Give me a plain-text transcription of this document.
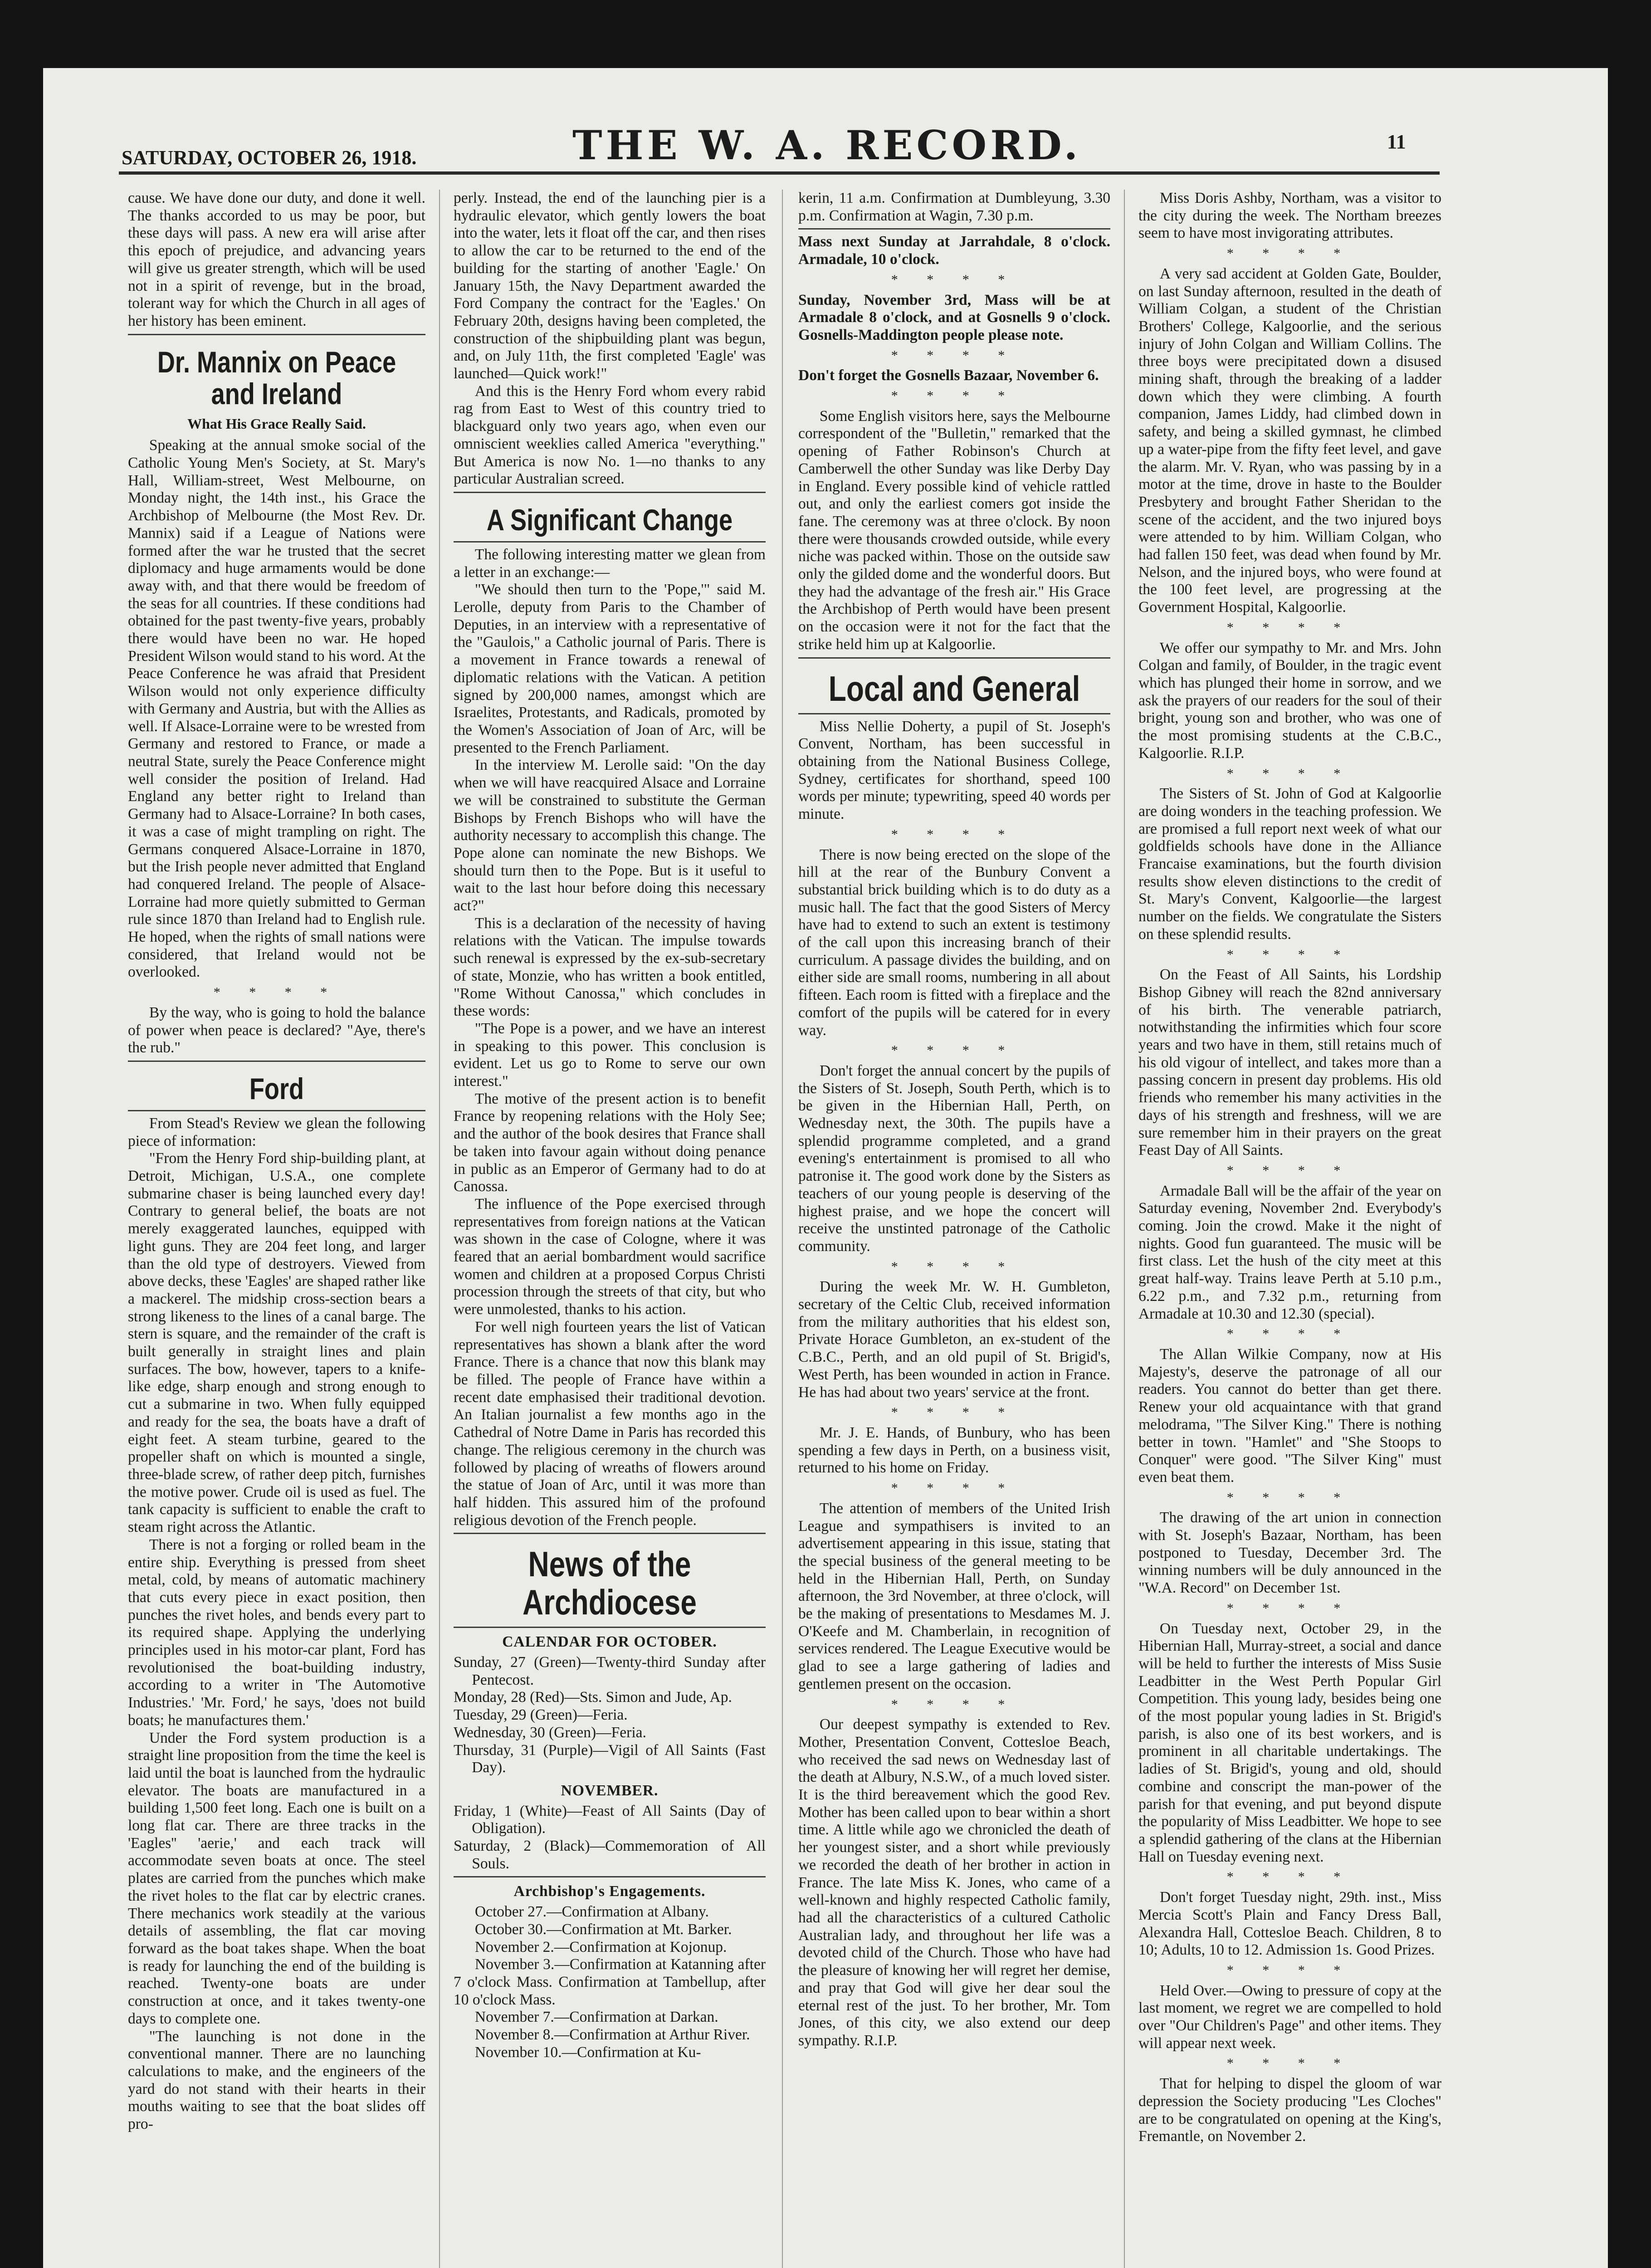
SATURDAY, OCTOBER 26, 1918.	THE W. A. RECORD.	11

cause. We have done our duty, and done it well. The thanks accorded to us may be poor, but these days will pass. A new era will arise after this epoch of prejudice, and advancing years will give us greater strength, which will be used not in a spirit of revenge, but in the broad, tolerant way for which the Church in all ages of her history has been eminent.

Dr. Mannix on Peace and Ireland
What His Grace Really Said.

Speaking at the annual smoke social of the Catholic Young Men's Society, at St. Mary's Hall, William-street, West Melbourne, on Monday night, the 14th inst., his Grace the Archbishop of Melbourne (the Most Rev. Dr. Mannix) said if a League of Nations were formed after the war he trusted that the secret diplomacy and huge armaments would be done away with, and that there would be freedom of the seas for all countries. If these conditions had obtained for the past twenty-five years, probably there would have been no war. He hoped President Wilson would stand to his word. At the Peace Conference he was afraid that President Wilson would not only experience difficulty with Germany and Austria, but with the Allies as well. If Alsace-Lorraine were to be wrested from Germany and restored to France, or made a neutral State, surely the Peace Conference might well consider the position of Ireland. Had England any better right to Ireland than Germany had to Alsace-Lorraine? In both cases, it was a case of might trampling on right. The Germans conquered Alsace-Lorraine in 1870, but the Irish people never admitted that England had conquered Ireland. The people of Alsace-Lorraine had more quietly submitted to German rule since 1870 than Ireland had to English rule. He hoped, when the rights of small nations were considered, that Ireland would not be overlooked.

* * * *

By the way, who is going to hold the balance of power when peace is declared? "Aye, there's the rub."

Ford

From Stead's Review we glean the following piece of information:

"From the Henry Ford ship-building plant, at Detroit, Michigan, U.S.A., one complete submarine chaser is being launched every day! Contrary to general belief, the boats are not merely exaggerated launches, equipped with light guns. They are 204 feet long, and larger than the old type of destroyers. Viewed from above decks, these 'Eagles' are shaped rather like a mackerel. The midship cross-section bears a strong likeness to the lines of a canal barge. The stern is square, and the remainder of the craft is built generally in straight lines and plain surfaces. The bow, however, tapers to a knife-like edge, sharp enough and strong enough to cut a submarine in two. When fully equipped and ready for the sea, the boats have a draft of eight feet. A steam turbine, geared to the propeller shaft on which is mounted a single, three-blade screw, of rather deep pitch, furnishes the motive power. Crude oil is used as fuel. The tank capacity is sufficient to enable the craft to steam right across the Atlantic.

There is not a forging or rolled beam in the entire ship. Everything is pressed from sheet metal, cold, by means of automatic machinery that cuts every piece in exact position, then punches the rivet holes, and bends every part to its required shape. Applying the underlying principles used in his motor-car plant, Ford has revolutionised the boat-building industry, according to a writer in 'The Automotive Industries.' 'Mr. Ford,' he says, 'does not build boats; he manufactures them.'

Under the Ford system production is a straight line proposition from the time the keel is laid until the boat is launched from the hydraulic elevator. The boats are manufactured in a building 1,500 feet long. Each one is built on a long flat car. There are three tracks in the 'Eagles'' 'aerie,' and each track will accommodate seven boats at once. The steel plates are carried from the punches which make the rivet holes to the flat car by electric cranes. There mechanics work steadily at the various details of assembling, the flat car moving forward as the boat takes shape. When the boat is ready for launching the end of the building is reached. Twenty-one boats are under construction at once, and it takes twenty-one days to complete one.

"The launching is not done in the conventional manner. There are no launching calculations to make, and the engineers of the yard do not stand with their hearts in their mouths waiting to see that the boat slides off pro-

perly. Instead, the end of the launching pier is a hydraulic elevator, which gently lowers the boat into the water, lets it float off the car, and then rises to allow the car to be returned to the end of the building for the starting of another 'Eagle.' On January 15th, the Navy Department awarded the Ford Company the contract for the 'Eagles.' On February 20th, designs having been completed, the construction of the shipbuilding plant was begun, and, on July 11th, the first completed 'Eagle' was launched—Quick work!"

And this is the Henry Ford whom every rabid rag from East to West of this country tried to blackguard only two years ago, when even our omniscient weeklies called America "everything." But America is now No. 1—no thanks to any particular Australian screed.

A Significant Change

The following interesting matter we glean from a letter in an exchange:—

"We should then turn to the 'Pope,'" said M. Lerolle, deputy from Paris to the Chamber of Deputies, in an interview with a representative of the "Gaulois," a Catholic journal of Paris. There is a movement in France towards a renewal of diplomatic relations with the Vatican. A petition signed by 200,000 names, amongst which are Israelites, Protestants, and Radicals, promoted by the Women's Association of Joan of Arc, will be presented to the French Parliament.

In the interview M. Lerolle said: "On the day when we will have reacquired Alsace and Lorraine we will be constrained to substitute the German Bishops by French Bishops who will have the authority necessary to accomplish this change. The Pope alone can nominate the new Bishops. We should turn then to the Pope. But is it useful to wait to the last hour before doing this necessary act?"

This is a declaration of the necessity of having relations with the Vatican. The impulse towards such renewal is expressed by the ex-sub-secretary of state, Monzie, who has written a book entitled, "Rome Without Canossa," which concludes in these words:

"The Pope is a power, and we have an interest in speaking to this power. This conclusion is evident. Let us go to Rome to serve our own interest."

The motive of the present action is to benefit France by reopening relations with the Holy See; and the author of the book desires that France shall be taken into favour again without doing penance in public as an Emperor of Germany had to do at Canossa.

The influence of the Pope exercised through representatives from foreign nations at the Vatican was shown in the case of Cologne, where it was feared that an aerial bombardment would sacrifice women and children at a proposed Corpus Christi procession through the streets of that city, but who were unmolested, thanks to his action.

For well nigh fourteen years the list of Vatican representatives has shown a blank after the word France. There is a chance that now this blank may be filled. The people of France have within a recent date emphasised their traditional devotion. An Italian journalist a few months ago in the Cathedral of Notre Dame in Paris has recorded this change. The religious ceremony in the church was followed by placing of wreaths of flowers around the statue of Joan of Arc, until it was more than half hidden. This assured him of the profound religious devotion of the French people.

News of the Archdiocese
CALENDAR FOR OCTOBER.

Sunday, 27 (Green)—Twenty-third Sunday after Pentecost.

Monday, 28 (Red)—Sts. Simon and Jude, Ap.

Tuesday, 29 (Green)—Feria.

Wednesday, 30 (Green)—Feria.

Thursday, 31 (Purple)—Vigil of All Saints (Fast Day).

NOVEMBER.

Friday, 1 (White)—Feast of All Saints (Day of Obligation).

Saturday, 2 (Black)—Commemoration of All Souls.

Archbishop's Engagements.

October 27.—Confirmation at Albany.

October 30.—Confirmation at Mt. Barker.

November 2.—Confirmation at Kojonup.

November 3.—Confirmation at Katanning after 7 o'clock Mass. Confirmation at Tambellup, after 10 o'clock Mass.

November 7.—Confirmation at Darkan.

November 8.—Confirmation at Arthur River.

November 10.—Confirmation at Ku-

kerin, 11 a.m. Confirmation at Dumbleyung, 3.30 p.m. Confirmation at Wagin, 7.30 p.m.

Mass next Sunday at Jarrahdale, 8 o'clock. Armadale, 10 o'clock.

* * * *

Sunday, November 3rd, Mass will be at Armadale 8 o'clock, and at Gosnells 9 o'clock. Gosnells-Maddington people please note.

* * * *

Don't forget the Gosnells Bazaar, November 6.

* * * *

Some English visitors here, says the Melbourne correspondent of the "Bulletin," remarked that the opening of Father Robinson's Church at Camberwell the other Sunday was like Derby Day in England. Every possible kind of vehicle rattled out, and only the earliest comers got inside the fane. The ceremony was at three o'clock. By noon there were thousands crowded outside, while every niche was packed within. Those on the outside saw only the gilded dome and the wonderful doors. But they had the advantage of the fresh air." His Grace the Archbishop of Perth would have been present on the occasion were it not for the fact that the strike held him up at Kalgoorlie.

Local and General

Miss Nellie Doherty, a pupil of St. Joseph's Convent, Northam, has been successful in obtaining from the National Business College, Sydney, certificates for shorthand, speed 100 words per minute; typewriting, speed 40 words per minute.

* * * *

There is now being erected on the slope of the hill at the rear of the Bunbury Convent a substantial brick building which is to do duty as a music hall. The fact that the good Sisters of Mercy have had to extend to such an extent is testimony of the call upon this increasing branch of their curriculum. A passage divides the building, and on either side are small rooms, numbering in all about fifteen. Each room is fitted with a fireplace and the comfort of the pupils will be catered for in every way.

* * * *

Don't forget the annual concert by the pupils of the Sisters of St. Joseph, South Perth, which is to be given in the Hibernian Hall, Perth, on Wednesday next, the 30th. The pupils have a splendid programme completed, and a grand evening's entertainment is promised to all who patronise it. The good work done by the Sisters as teachers of our young people is deserving of the highest praise, and we hope the concert will receive the unstinted patronage of the Catholic community.

* * * *

During the week Mr. W. H. Gumbleton, secretary of the Celtic Club, received information from the military authorities that his eldest son, Private Horace Gumbleton, an ex-student of the C.B.C., Perth, and an old pupil of St. Brigid's, West Perth, has been wounded in action in France. He has had about two years' service at the front.

* * * *

Mr. J. E. Hands, of Bunbury, who has been spending a few days in Perth, on a business visit, returned to his home on Friday.

* * * *

The attention of members of the United Irish League and sympathisers is invited to an advertisement appearing in this issue, stating that the special business of the general meeting to be held in the Hibernian Hall, Perth, on Sunday afternoon, the 3rd November, at three o'clock, will be the making of presentations to Mesdames M. J. O'Keefe and M. Chamberlain, in recognition of services rendered. The League Executive would be glad to see a large gathering of ladies and gentlemen present on the occasion.

* * * *

Our deepest sympathy is extended to Rev. Mother, Presentation Convent, Cottesloe Beach, who received the sad news on Wednesday last of the death at Albury, N.S.W., of a much loved sister. It is the third bereavement which the good Rev. Mother has been called upon to bear within a short time. A little while ago we chronicled the death of her youngest sister, and a short while previously we recorded the death of her brother in action in France. The late Miss K. Jones, who came of a well-known and highly respected Catholic family, had all the characteristics of a cultured Catholic Australian lady, and throughout her life was a devoted child of the Church. Those who have had the pleasure of knowing her will regret her demise, and pray that God will give her dear soul the eternal rest of the just. To her brother, Mr. Tom Jones, of this city, we also extend our deep sympathy. R.I.P.

Miss Doris Ashby, Northam, was a visitor to the city during the week. The Northam breezes seem to have most invigorating attributes.

* * * *

A very sad accident at Golden Gate, Boulder, on last Sunday afternoon, resulted in the death of William Colgan, a student of the Christian Brothers' College, Kalgoorlie, and the serious injury of John Colgan and William Collins. The three boys were precipitated down a disused mining shaft, through the breaking of a ladder down which they were climbing. A fourth companion, James Liddy, had climbed down in safety, and being a skilled gymnast, he climbed up a water-pipe from the fifty feet level, and gave the alarm. Mr. V. Ryan, who was passing by in a motor at the time, drove in haste to the Boulder Presbytery and brought Father Sheridan to the scene of the accident, and the two injured boys were attended to by him. William Colgan, who had fallen 150 feet, was dead when found by Mr. Nelson, and the injured boys, who were found at the 100 feet level, are progressing at the Government Hospital, Kalgoorlie.

* * * *

We offer our sympathy to Mr. and Mrs. John Colgan and family, of Boulder, in the tragic event which has plunged their home in sorrow, and we ask the prayers of our readers for the soul of their bright, young son and brother, who was one of the most promising students at the C.B.C., Kalgoorlie. R.I.P.

* * * *

The Sisters of St. John of God at Kalgoorlie are doing wonders in the teaching profession. We are promised a full report next week of what our goldfields schools have done in the Alliance Francaise examinations, but the fourth division results show eleven distinctions to the credit of St. Mary's Convent, Kalgoorlie—the largest number on the fields. We congratulate the Sisters on these splendid results.

* * * *

On the Feast of All Saints, his Lordship Bishop Gibney will reach the 82nd anniversary of his birth. The venerable patriarch, notwithstanding the infirmities which four score years and two have in them, still retains much of his old vigour of intellect, and takes more than a passing concern in present day problems. His old friends who remember his many activities in the days of his strength and freshness, will we are sure remember him in their prayers on the great Feast Day of All Saints.

* * * *

Armadale Ball will be the affair of the year on Saturday evening, November 2nd. Everybody's coming. Join the crowd. Make it the night of nights. Good fun guaranteed. The music will be first class. Let the hush of the city meet at this great half-way. Trains leave Perth at 5.10 p.m., 6.22 p.m., and 7.32 p.m., returning from Armadale at 10.30 and 12.30 (special).

* * * *

The Allan Wilkie Company, now at His Majesty's, deserve the patronage of all our readers. You cannot do better than get there. Renew your old acquaintance with that grand melodrama, "The Silver King." There is nothing better in town. "Hamlet" and "She Stoops to Conquer" were good. "The Silver King" must even beat them.

* * * *

The drawing of the art union in connection with St. Joseph's Bazaar, Northam, has been postponed to Tuesday, December 3rd. The winning numbers will be duly announced in the "W.A. Record" on December 1st.

* * * *

On Tuesday next, October 29, in the Hibernian Hall, Murray-street, a social and dance will be held to further the interests of Miss Susie Leadbitter in the West Perth Popular Girl Competition. This young lady, besides being one of the most popular young ladies in St. Brigid's parish, is also one of its best workers, and is prominent in all charitable undertakings. The ladies of St. Brigid's, young and old, should combine and conscript the man-power of the parish for that evening, and put beyond dispute the popularity of Miss Leadbitter. We hope to see a splendid gathering of the clans at the Hibernian Hall on Tuesday evening next.

* * * *

Don't forget Tuesday night, 29th. inst., Miss Mercia Scott's Plain and Fancy Dress Ball, Alexandra Hall, Cottesloe Beach. Children, 8 to 10; Adults, 10 to 12. Admission 1s. Good Prizes.

* * * *

Held Over.—Owing to pressure of copy at the last moment, we regret we are compelled to hold over "Our Children's Page" and other items. They will appear next week.

* * * *

That for helping to dispel the gloom of war depression the Society producing "Les Cloches" are to be congratulated on opening at the King's, Fremantle, on November 2.
